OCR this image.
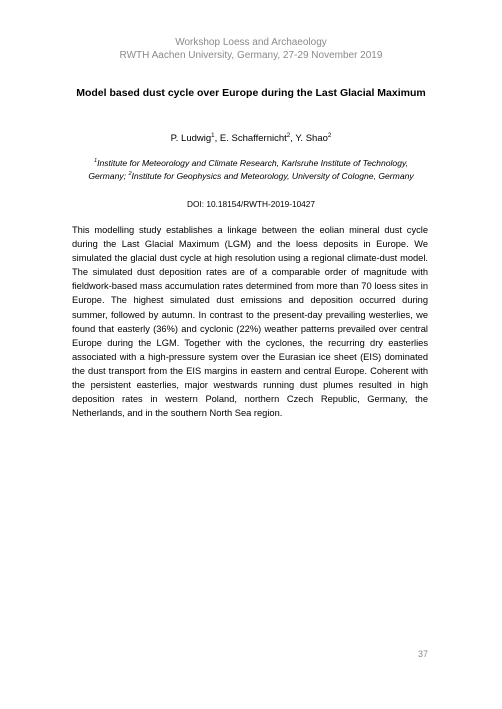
Workshop Loess and Archaeology
RWTH Aachen University, Germany, 27-29 November 2019
Model based dust cycle over Europe during the Last Glacial Maximum
P. Ludwig$^1$, E. Schaffernicht$^2$, Y. Shao$^2$
$^1$Institute for Meteorology and Climate Research, Karlsruhe Institute of Technology,
Germany; $^2$Institute for Geophysics and Meteorology, University of Cologne, Germany
DOI: 10.18154/RWTH-2019-10427

This modelling study establishes a linkage between the eolian mineral dust cycle during the Last Glacial Maximum (LGM) and the loess deposits in Europe. We simulated the glacial dust cycle at high resolution using a regional climate-dust model. The simulated dust deposition rates are of a comparable order of magnitude with fieldwork-based mass accumulation rates determined from more than 70 loess sites in Europe. The highest simulated dust emissions and deposition occurred during summer, followed by autumn. In contrast to the present-day prevailing westerlies, we found that easterly (36%) and cyclonic (22%) weather patterns prevailed over central Europe during the LGM. Together with the cyclones, the recurring dry easterlies associated with a high-pressure system over the Eurasian ice sheet (EIS) dominated the dust transport from the EIS margins in eastern and central Europe. Coherent with the persistent easterlies, major westwards running dust plumes resulted in high deposition rates in western Poland, northern Czech Republic, Germany, the Netherlands, and in the southern North Sea region.

37
